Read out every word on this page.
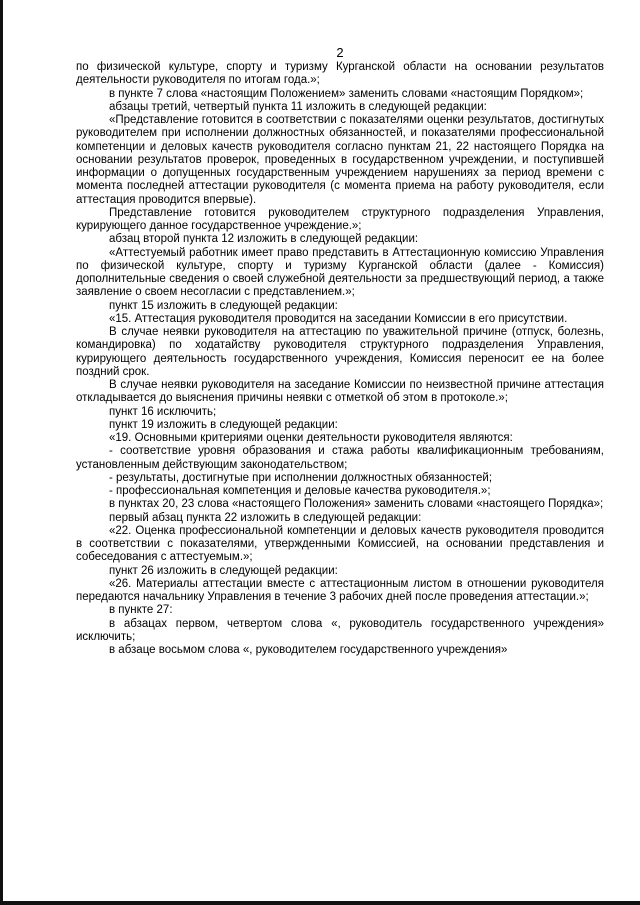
2

по физической культуре, спорту и туризму Курганской области на основании результатов деятельности руководителя по итогам года.»;

в пункте 7 слова «настоящим Положением» заменить словами «настоящим Порядком»;

абзацы третий, четвертый пункта 11 изложить в следующей редакции:

«Представление готовится в соответствии с показателями оценки результатов, достигнутых руководителем при исполнении должностных обязанностей, и показателями профессиональной компетенции и деловых качеств руководителя согласно пунктам 21, 22 настоящего Порядка на основании результатов проверок, проведенных в государственном учреждении, и поступившей информации о допущенных государственным учреждением нарушениях за период времени с момента последней аттестации руководителя (с момента приема на работу руководителя, если аттестация проводится впервые).

Представление готовится руководителем структурного подразделения Управления, курирующего данное государственное учреждение.»;

абзац второй пункта 12 изложить в следующей редакции:

«Аттестуемый работник имеет право представить в Аттестационную комиссию Управления по физической культуре, спорту и туризму Курганской области (далее - Комиссия) дополнительные сведения о своей служебной деятельности за предшествующий период, а также заявление о своем несогласии с представлением.»;

пункт 15 изложить в следующей редакции:

«15. Аттестация руководителя проводится на заседании Комиссии в его присутствии.

В случае неявки руководителя на аттестацию по уважительной причине (отпуск, болезнь, командировка) по ходатайству руководителя структурного подразделения Управления, курирующего деятельность государственного учреждения, Комиссия переносит ее на более поздний срок.

В случае неявки руководителя на заседание Комиссии по неизвестной причине аттестация откладывается до выяснения причины неявки с отметкой об этом в протоколе.»;

пункт 16 исключить;

пункт 19 изложить в следующей редакции:

«19. Основными критериями оценки деятельности руководителя являются:

- соответствие уровня образования и стажа работы квалификационным требованиям, установленным действующим законодательством;

- результаты, достигнутые при исполнении должностных обязанностей;

- профессиональная компетенция и деловые качества руководителя.»;

в пунктах 20, 23 слова «настоящего Положения» заменить словами «настоящего Порядка»;

первый абзац пункта 22 изложить в следующей редакции:

«22. Оценка профессиональной компетенции и деловых качеств руководителя проводится в соответствии с показателями, утвержденными Комиссией, на основании представления и собеседования с аттестуемым.»;

пункт 26 изложить в следующей редакции:

«26. Материалы аттестации вместе с аттестационным листом в отношении руководителя передаются начальнику Управления в течение 3 рабочих дней после проведения аттестации.»;

в пункте 27:

в абзацах первом, четвертом слова «, руководитель государственного учреждения» исключить;

в абзаце восьмом слова «, руководителем государственного учреждения»
